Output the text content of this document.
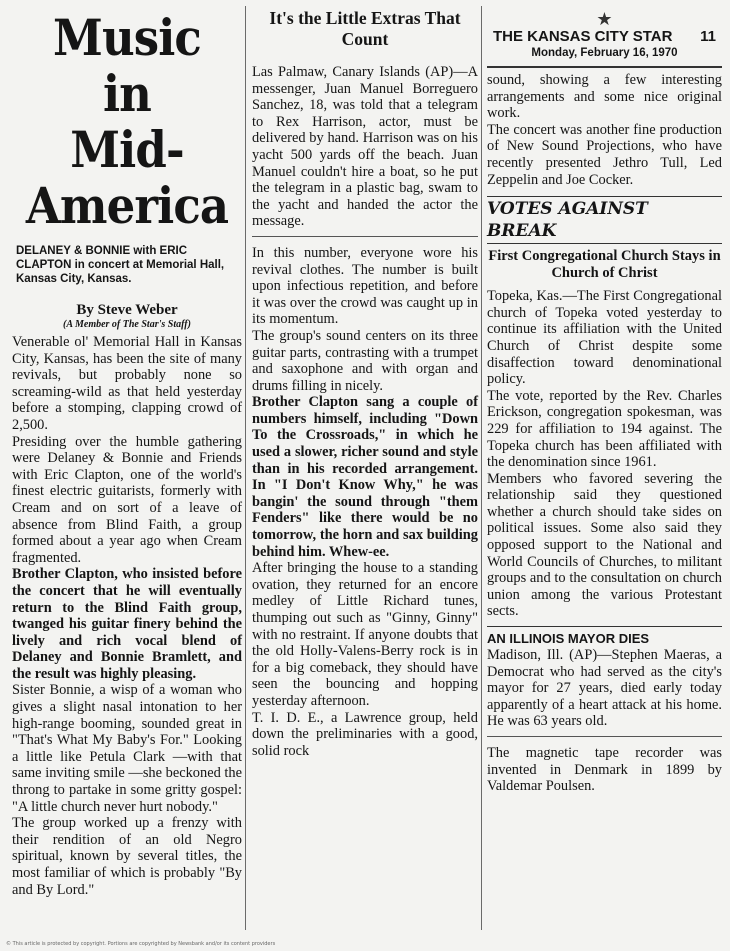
Music in
Mid-America
DELANEY & BONNIE with ERIC CLAPTON in concert at Memorial Hall, Kansas City, Kansas.
By Steve Weber
(A Member of The Star's Staff)

Venerable ol' Memorial Hall in Kansas City, Kansas, has been the site of many revivals, but probably none so screaming-wild as that held yesterday before a stomping, clapping crowd of 2,500.

Presiding over the humble gathering were Delaney & Bonnie and Friends with Eric Clapton, one of the world's finest electric guitarists, formerly with Cream and on sort of a leave of absence from Blind Faith, a group formed about a year ago when Cream fragmented.

Brother Clapton, who insisted before the concert that he will eventually return to the Blind Faith group, twanged his guitar finery behind the lively and rich vocal blend of Delaney and Bonnie Bramlett, and the result was highly pleasing.

Sister Bonnie, a wisp of a woman who gives a slight nasal intonation to her high-range booming, sounded great in "That's What My Baby's For." Looking a little like Petula Clark —with that same inviting smile —she beckoned the throng to partake in some gritty gospel: "A little church never hurt nobody."

The group worked up a frenzy with their rendition of an old Negro spiritual, known by several titles, the most familiar of which is probably "By and By Lord."

It's the Little Extras That Count

Las Palmaw, Canary Islands (AP)—A messenger, Juan Manuel Borreguero Sanchez, 18, was told that a telegram to Rex Harrison, actor, must be delivered by hand. Harrison was on his yacht 500 yards off the beach. Juan Manuel couldn't hire a boat, so he put the telegram in a plastic bag, swam to the yacht and handed the actor the message.

In this number, everyone wore his revival clothes. The number is built upon infectious repetition, and before it was over the crowd was caught up in its momentum.

The group's sound centers on its three guitar parts, contrasting with a trumpet and saxophone and with organ and drums filling in nicely.

Brother Clapton sang a couple of numbers himself, including "Down To the Crossroads," in which he used a slower, richer sound and style than in his recorded arrangement. In "I Don't Know Why," he was bangin' the sound through "them Fenders" like there would be no tomorrow, the horn and sax building behind him. Whew-ee.

After bringing the house to a standing ovation, they returned for an encore medley of Little Richard tunes, thumping out such as "Ginny, Ginny" with no restraint. If anyone doubts that the old Holly-Valens-Berry rock is in for a big comeback, they should have seen the bouncing and hopping yesterday afternoon.

T. I. D. E., a Lawrence group, held down the preliminaries with a good, solid rock

★
THE KANSAS CITY STAR 11
Monday, February 16, 1970

sound, showing a few interesting arrangements and some nice original work.

The concert was another fine production of New Sound Projections, who have recently presented Jethro Tull, Led Zeppelin and Joe Cocker.

VOTES AGAINST BREAK
First Congregational Church Stays in Church of Christ

Topeka, Kas.—The First Congregational church of Topeka voted yesterday to continue its affiliation with the United Church of Christ despite some disaffection toward denominational policy.

The vote, reported by the Rev. Charles Erickson, congregation spokesman, was 229 for affiliation to 194 against. The Topeka church has been affiliated with the denomination since 1961.

Members who favored severing the relationship said they questioned whether a church should take sides on political issues. Some also said they opposed support to the National and World Councils of Churches, to militant groups and to the consultation on church union among the various Protestant sects.

AN ILLINOIS MAYOR DIES

Madison, Ill. (AP)—Stephen Maeras, a Democrat who had served as the city's mayor for 27 years, died early today apparently of a heart attack at his home. He was 63 years old.

The magnetic tape recorder was invented in Denmark in 1899 by Valdemar Poulsen.

© This article is protected by copyright. Portions are copyrighted by Newsbank and/or its content providers
